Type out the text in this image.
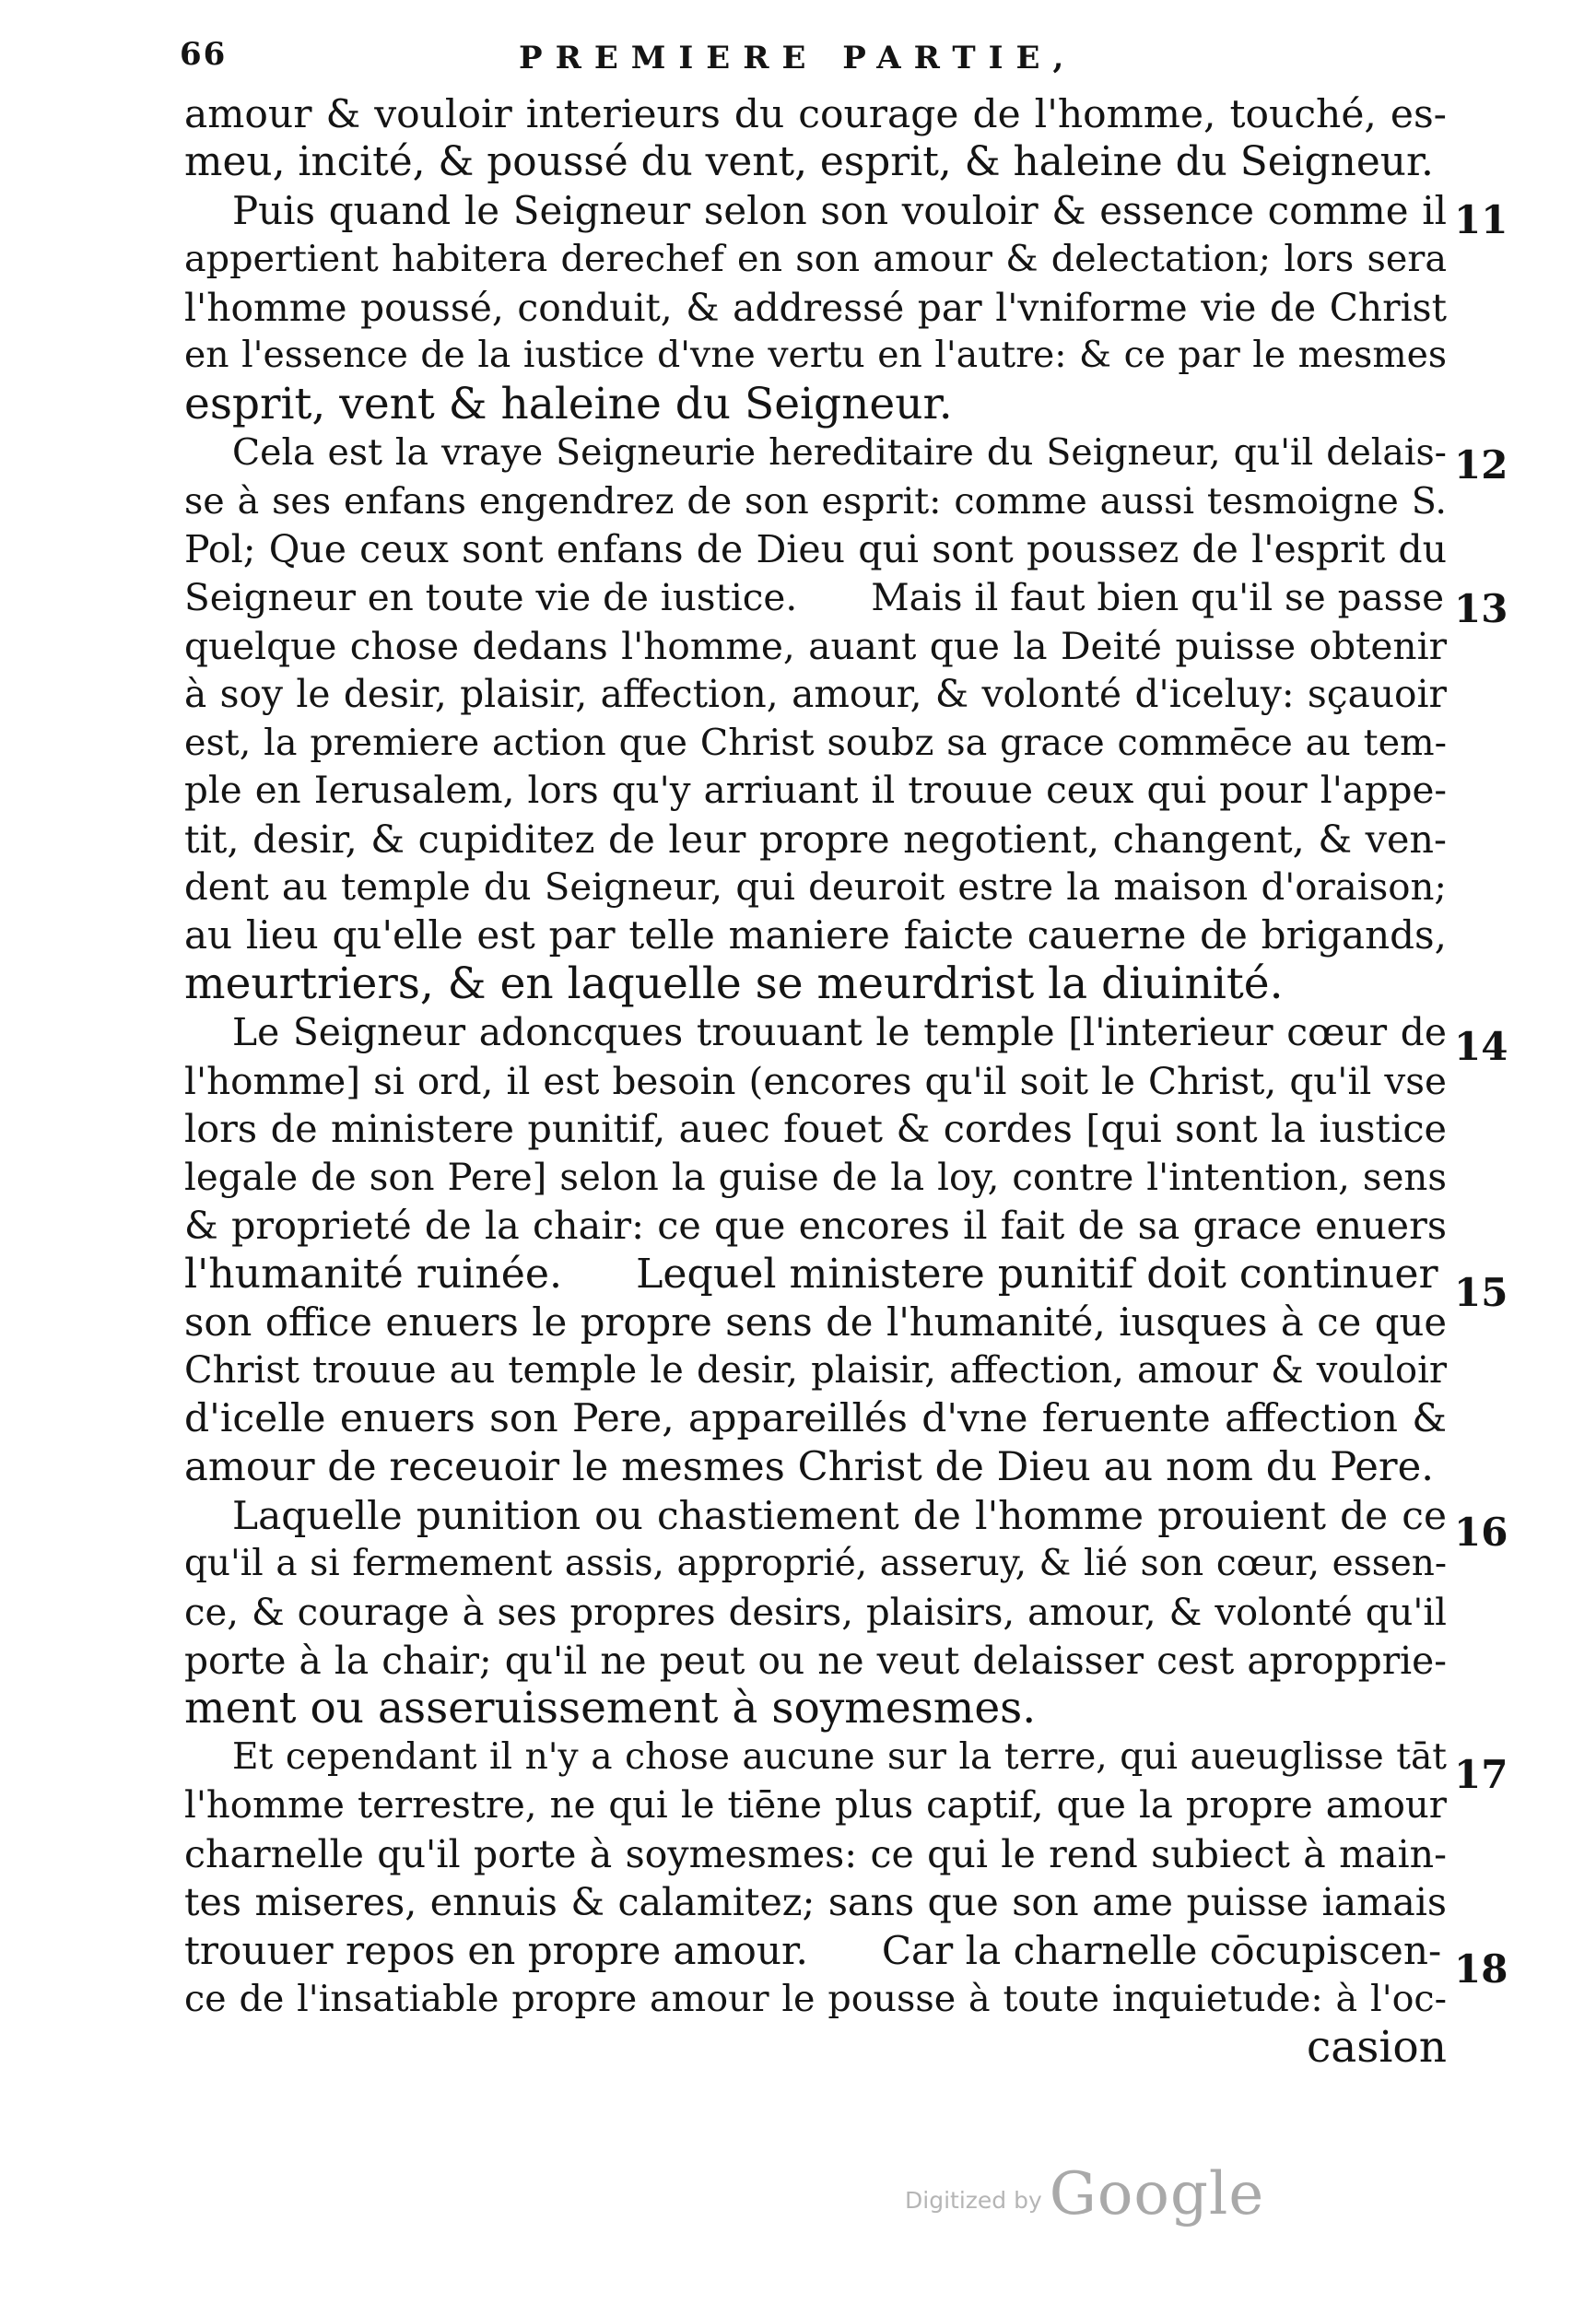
66	PREMIERE PARTIE,
amour & vouloir interieurs du courage de l'homme, touché, es-
meu, incité, & poussé du vent, esprit, & haleine du Seigneur.
Puis quand le Seigneur selon son vouloir & essence comme il
appertient habitera derechef en son amour & delectation; lors sera
l'homme poussé, conduit, & addressé par l'vniforme vie de Christ
en l'essence de la iustice d'vne vertu en l'autre: & ce par le mesmes
esprit, vent & haleine du Seigneur.
Cela est la vraye Seigneurie hereditaire du Seigneur, qu'il delais-
se à ses enfans engendrez de son esprit: comme aussi tesmoigne S.
Pol; Que ceux sont enfans de Dieu qui sont poussez de l'esprit du
Seigneur en toute vie de iustice. Mais il faut bien qu'il se passe
quelque chose dedans l'homme, auant que la Deité puisse obtenir
à soy le desir, plaisir, affection, amour, & volonté d'iceluy: sçauoir
est, la premiere action que Christ soubz sa grace commēce au tem-
ple en Ierusalem, lors qu'y arriuant il trouue ceux qui pour l'appe-
tit, desir, & cupiditez de leur propre negotient, changent, & ven-
dent au temple du Seigneur, qui deuroit estre la maison d'oraison;
au lieu qu'elle est par telle maniere faicte cauerne de brigands,
meurtriers, & en laquelle se meurdrist la diuinité.
Le Seigneur adoncques trouuant le temple [l'interieur cœur de
l'homme] si ord, il est besoin (encores qu'il soit le Christ, qu'il vse
lors de ministere punitif, auec fouet & cordes [qui sont la iustice
legale de son Pere] selon la guise de la loy, contre l'intention, sens
& proprieté de la chair: ce que encores il fait de sa grace enuers
l'humanité ruinée. Lequel ministere punitif doit continuer
son office enuers le propre sens de l'humanité, iusques à ce que
Christ trouue au temple le desir, plaisir, affection, amour & vouloir
d'icelle enuers son Pere, appareillés d'vne feruente affection &
amour de receuoir le mesmes Christ de Dieu au nom du Pere.
Laquelle punition ou chastiement de l'homme prouient de ce
qu'il a si fermement assis, approprié, asseruy, & lié son cœur, essen-
ce, & courage à ses propres desirs, plaisirs, amour, & volonté qu'il
porte à la chair; qu'il ne peut ou ne veut delaisser cest apropprie-
ment ou asseruissement à soymesmes.
Et cependant il n'y a chose aucune sur la terre, qui aueuglisse tāt
l'homme terrestre, ne qui le tiēne plus captif, que la propre amour
charnelle qu'il porte à soymesmes: ce qui le rend subiect à main-
tes miseres, ennuis & calamitez; sans que son ame puisse iamais
trouuer repos en propre amour. Car la charnelle cōcupiscen-
ce de l'insatiable propre amour le pousse à toute inquietude: à l'oc-
casion
11
12
13
14
15
16
17
18
Digitized by Google
